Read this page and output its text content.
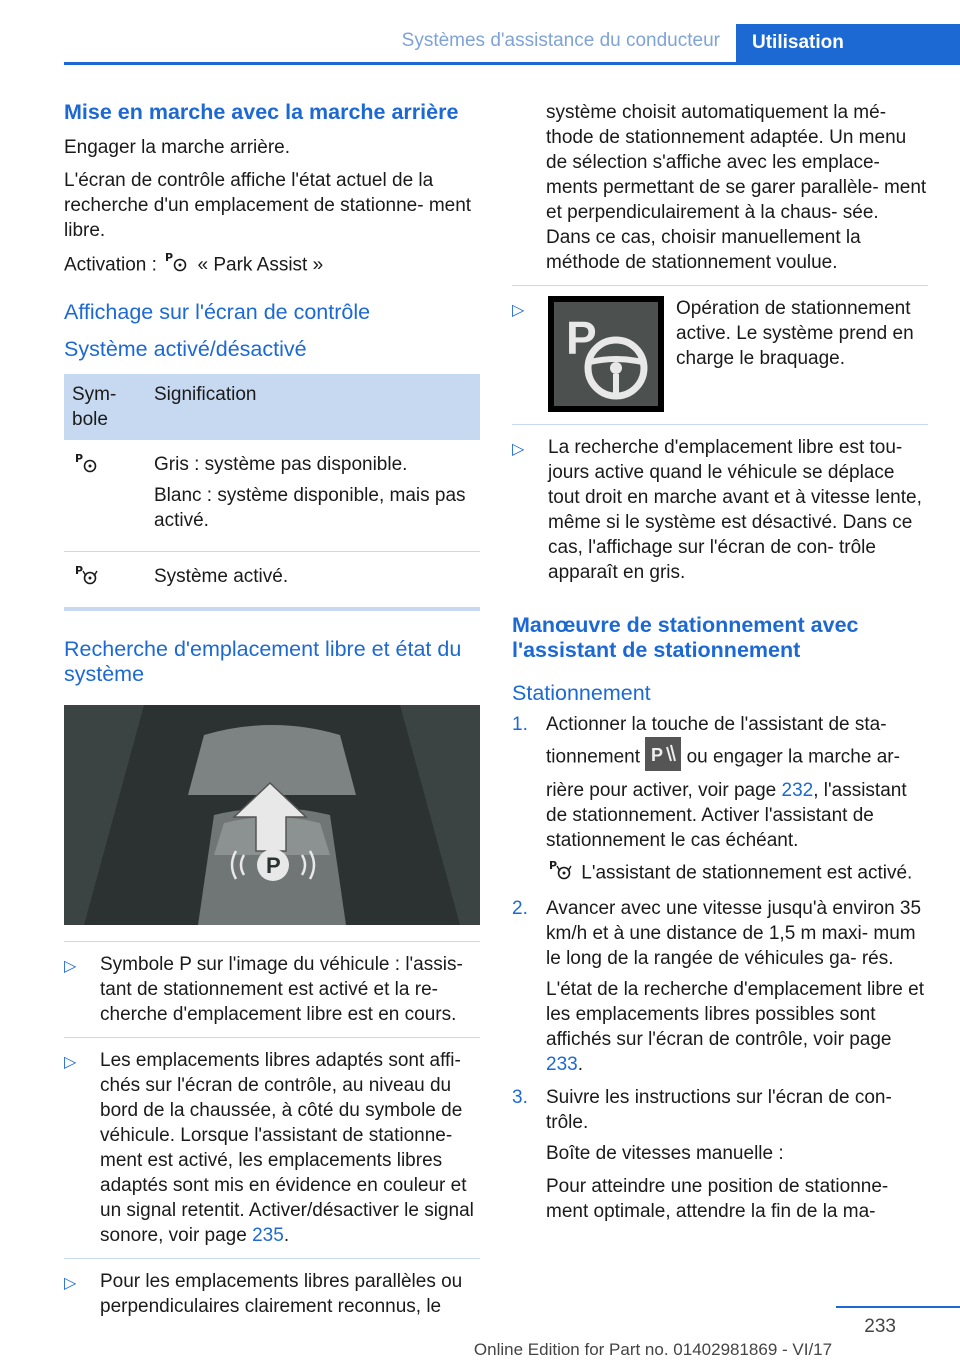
Systèmes d'assistance du conducteur	Utilisation
Mise en marche avec la marche arrière

Engager la marche arrière.

L'écran de contrôle affiche l'état actuel de la recherche d'un emplacement de stationne- ment libre.

Activation : P « Park Assist »

Affichage sur l'écran de contrôle
Système activé/désactivé
Sym- bole	Signification

P	Gris : système pas disponible.

Blanc : système disponible, mais pas activé.

P	Système activé.

Recherche d'emplacement libre et état du système
P
▷ Symbole P sur l'image du véhicule : l'assis- tant de stationnement est activé et la re- cherche d'emplacement libre est en cours.
▷ Les emplacements libres adaptés sont affi- chés sur l'écran de contrôle, au niveau du bord de la chaussée, à côté du symbole de véhicule. Lorsque l'assistant de stationne- ment est activé, les emplacements libres adaptés sont mis en évidence en couleur et un signal retentit. Activer/désactiver le signal sonore, voir page 235.
▷ Pour les emplacements libres parallèles ou perpendiculaires clairement reconnus, le

système choisit automatiquement la mé- thode de stationnement adaptée. Un menu de sélection s'affiche avec les emplace- ments permettant de se garer parallèle- ment et perpendiculairement à la chaus- sée. Dans ce cas, choisir manuellement la méthode de stationnement voulue.

▷
P
Opération de stationnement active. Le système prend en charge le braquage.
▷ La recherche d'emplacement libre est tou- jours active quand le véhicule se déplace tout droit en marche avant et à vitesse lente, même si le système est désactivé. Dans ce cas, l'affichage sur l'écran de con- trôle apparaît en gris.
Manœuvre de stationnement avec l'assistant de stationnement
Stationnement
1. Actionner la touche de l'assistant de sta- tionnement P ou engager la marche ar- rière pour activer, voir page 232, l'assistant de stationnement. Activer l'assistant de stationnement le cas échéant.

P L'assistant de stationnement est activé.

2. Avancer avec une vitesse jusqu'à environ 35 km/h et à une distance de 1,5 m maxi- mum le long de la rangée de véhicules ga- rés.

L'état de la recherche d'emplacement libre et les emplacements libres possibles sont affichés sur l'écran de contrôle, voir page 233.

3. Suivre les instructions sur l'écran de con- trôle.

Boîte de vitesses manuelle :

Pour atteindre une position de stationne- ment optimale, attendre la fin de la ma-

233
Online Edition for Part no. 01402981869 - VI/17
